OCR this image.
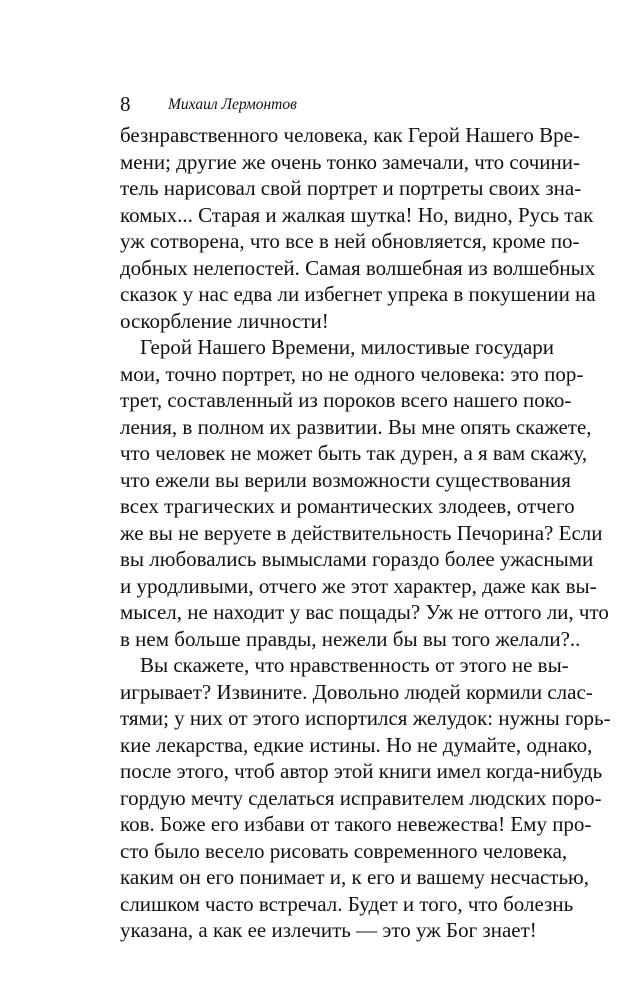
8 Михаил Лермонтов
безнравственного человека, как Герой Нашего Вре-
мени; другие же очень тонко замечали, что сочини-
тель нарисовал свой портрет и портреты своих зна-
комых... Старая и жалкая шутка! Но, видно, Русь так
уж сотворена, что все в ней обновляется, кроме по-
добных нелепостей. Самая волшебная из волшебных
сказок у нас едва ли избегнет упрека в покушении на
оскорбление личности!
Герой Нашего Времени, милостивые государи
мои, точно портрет, но не одного человека: это пор-
трет, составленный из пороков всего нашего поко-
ления, в полном их развитии. Вы мне опять скажете,
что человек не может быть так дурен, а я вам скажу,
что ежели вы верили возможности существования
всех трагических и романтических злодеев, отчего
же вы не веруете в действительность Печорина? Если
вы любовались вымыслами гораздо более ужасными
и уродливыми, отчего же этот характер, даже как вы-
мысел, не находит у вас пощады? Уж не оттого ли, что
в нем больше правды, нежели бы вы того желали?..
Вы скажете, что нравственность от этого не вы-
игрывает? Извините. Довольно людей кормили слас-
тями; у них от этого испортился желудок: нужны горь-
кие лекарства, едкие истины. Но не думайте, однако,
после этого, чтоб автор этой книги имел когда-нибудь
гордую мечту сделаться исправителем людских поро-
ков. Боже его избави от такого невежества! Ему про-
сто было весело рисовать современного человека,
каким он его понимает и, к его и вашему несчастью,
слишком часто встречал. Будет и того, что болезнь
указана, а как ее излечить — это уж Бог знает!
